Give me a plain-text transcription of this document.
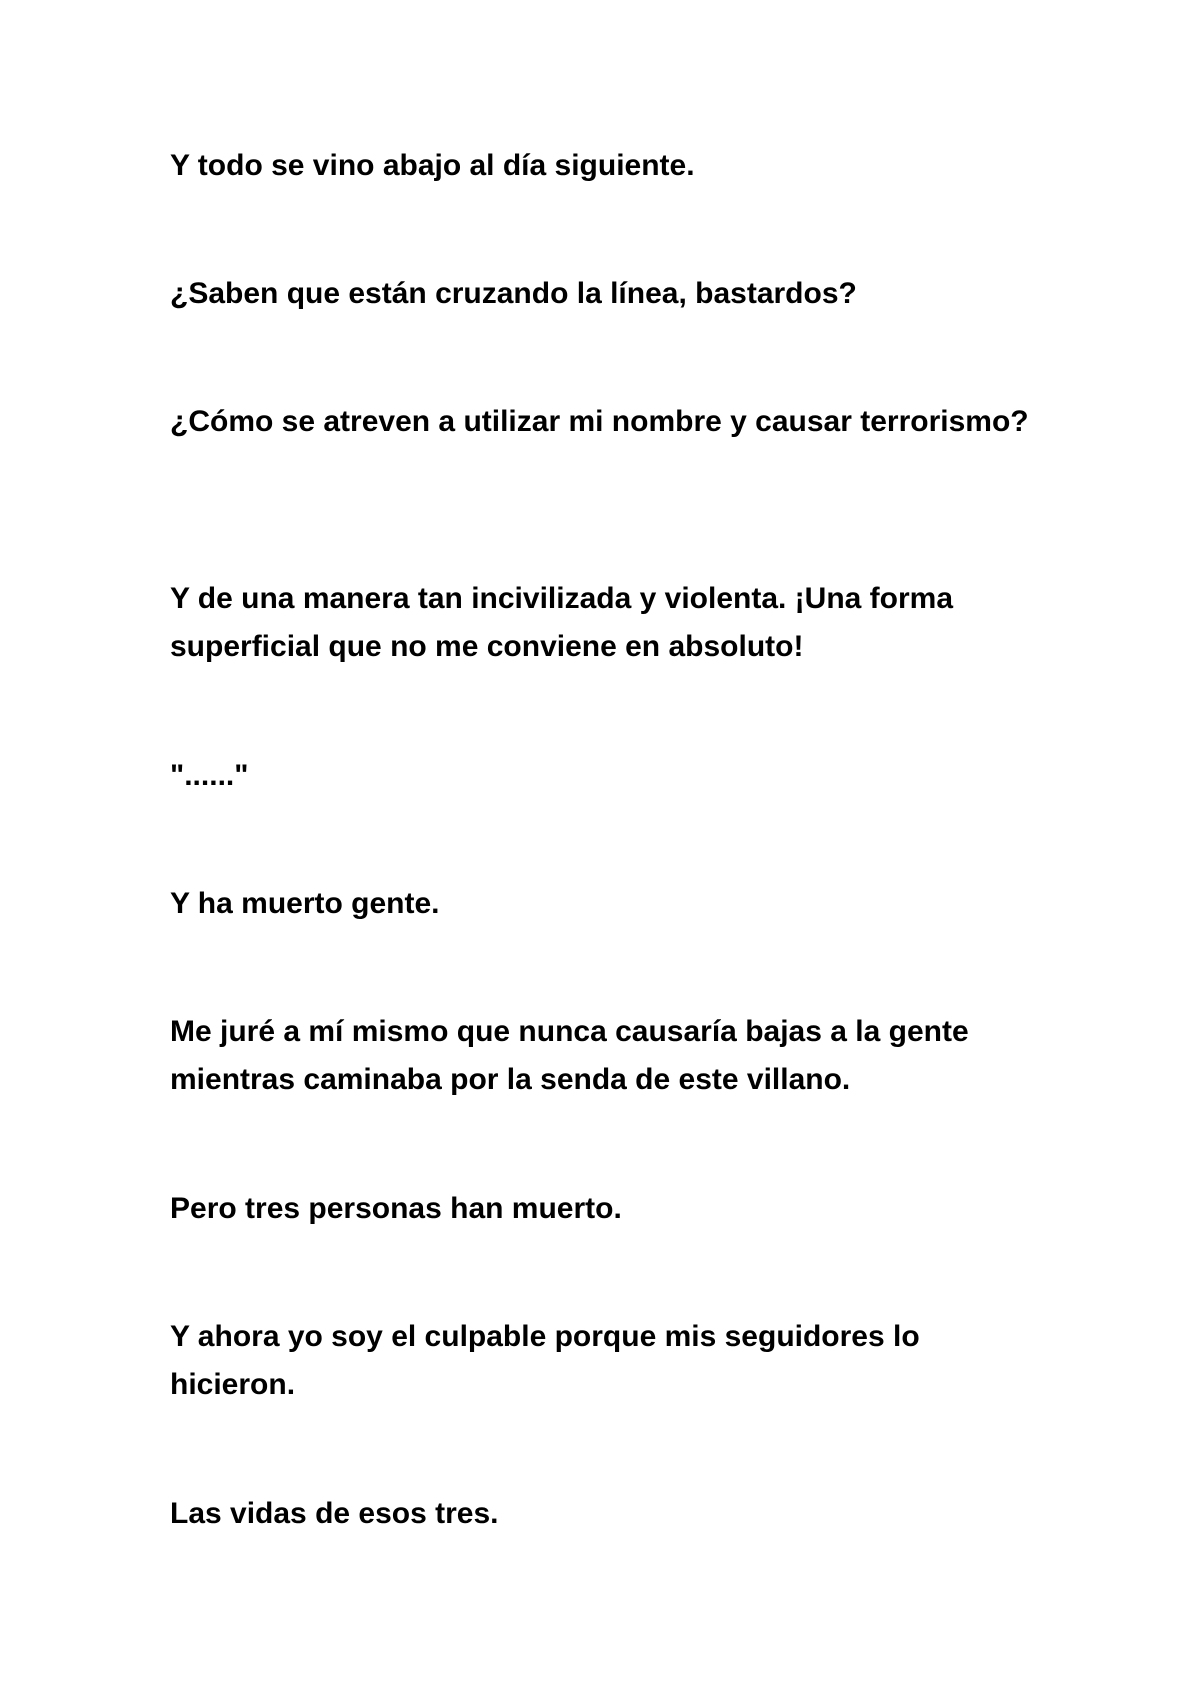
Y todo se vino abajo al día siguiente.

¿Saben que están cruzando la línea, bastardos?

¿Cómo se atreven a utilizar mi nombre y causar terrorismo?

Y de una manera tan incivilizada y violenta. ¡Una forma superficial que no me conviene en absoluto!

"......"

Y ha muerto gente.

Me juré a mí mismo que nunca causaría bajas a la gente mientras caminaba por la senda de este villano.

Pero tres personas han muerto.

Y ahora yo soy el culpable porque mis seguidores lo hicieron.

Las vidas de esos tres.
